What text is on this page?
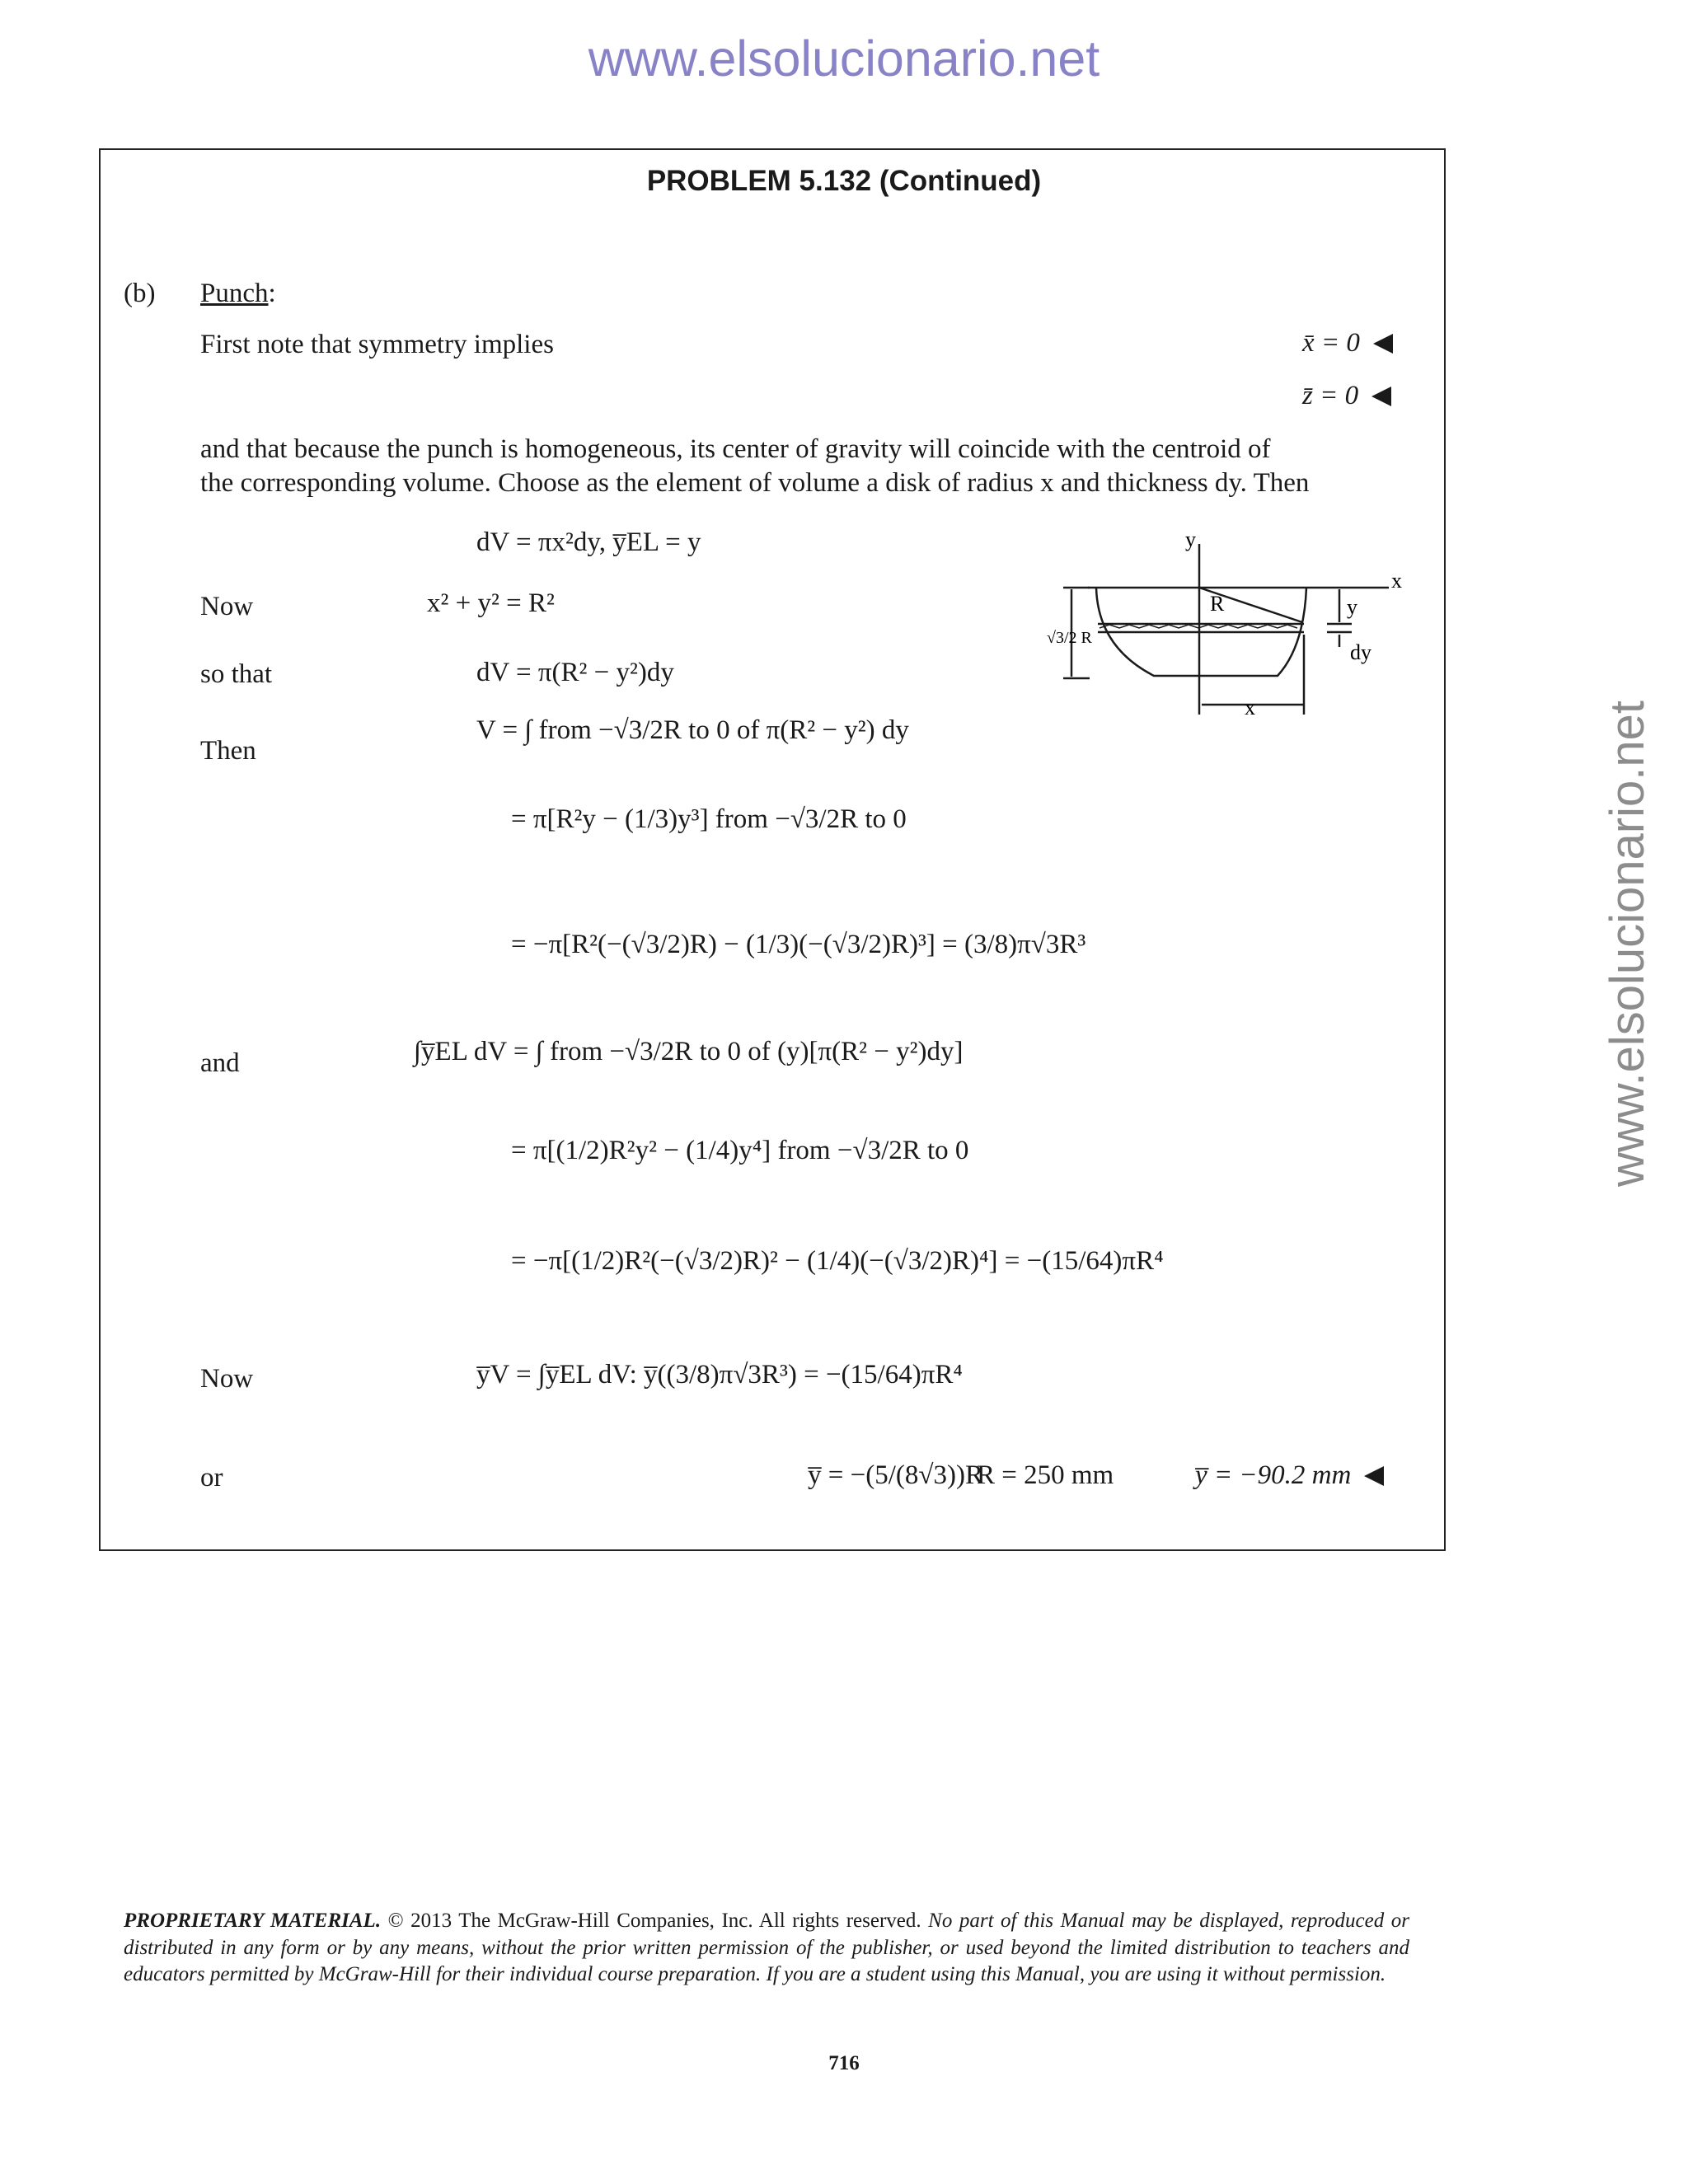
www.elsolucionario.net
www.elsolucionario.net
PROBLEM 5.132 (Continued)
(b) Punch:
First note that symmetry implies	x̄ = 0
z̄ = 0
and that because the punch is homogeneous, its center of gravity will coincide with the centroid of
the corresponding volume. Choose as the element of volume a disk of radius x and thickness dy. Then
dV = πx²dy, y̅EL = y
Now	x² + y² = R²
so that	dV = π(R² − y²)dy
Then
V = ∫ from −√3/2R to 0 of π(R² − y²) dy
= π[R²y − (1/3)y³] from −√3/2R to 0
= −π[R²(−(√3/2)R) − (1/3)(−(√3/2)R)³] = (3/8)π√3R³
and	∫y̅EL dV = ∫ from −√3/2R to 0 of (y)[π(R² − y²)dy]
= π[(1/2)R²y² − (1/4)y⁴] from −√3/2R to 0
= −π[(1/2)R²(−(√3/2)R)² − (1/4)(−(√3/2)R)⁴] = −(15/64)πR⁴
Now	y̅V = ∫y̅EL dV: y̅((3/8)π√3R³) = −(15/64)πR⁴
or	y̅ = −(5/(8√3))R
R = 250 mm	y̅ = −90.2 mm
y
x
R	y
√3/2 R
dy
x
PROPRIETARY MATERIAL. © 2013 The McGraw-Hill Companies, Inc. All rights reserved. No part of this Manual may be displayed, reproduced or distributed in any form or by any means, without the prior written permission of the publisher, or used beyond the limited distribution to teachers and educators permitted by McGraw-Hill for their individual course preparation. If you are a student using this Manual, you are using it without permission.
716
